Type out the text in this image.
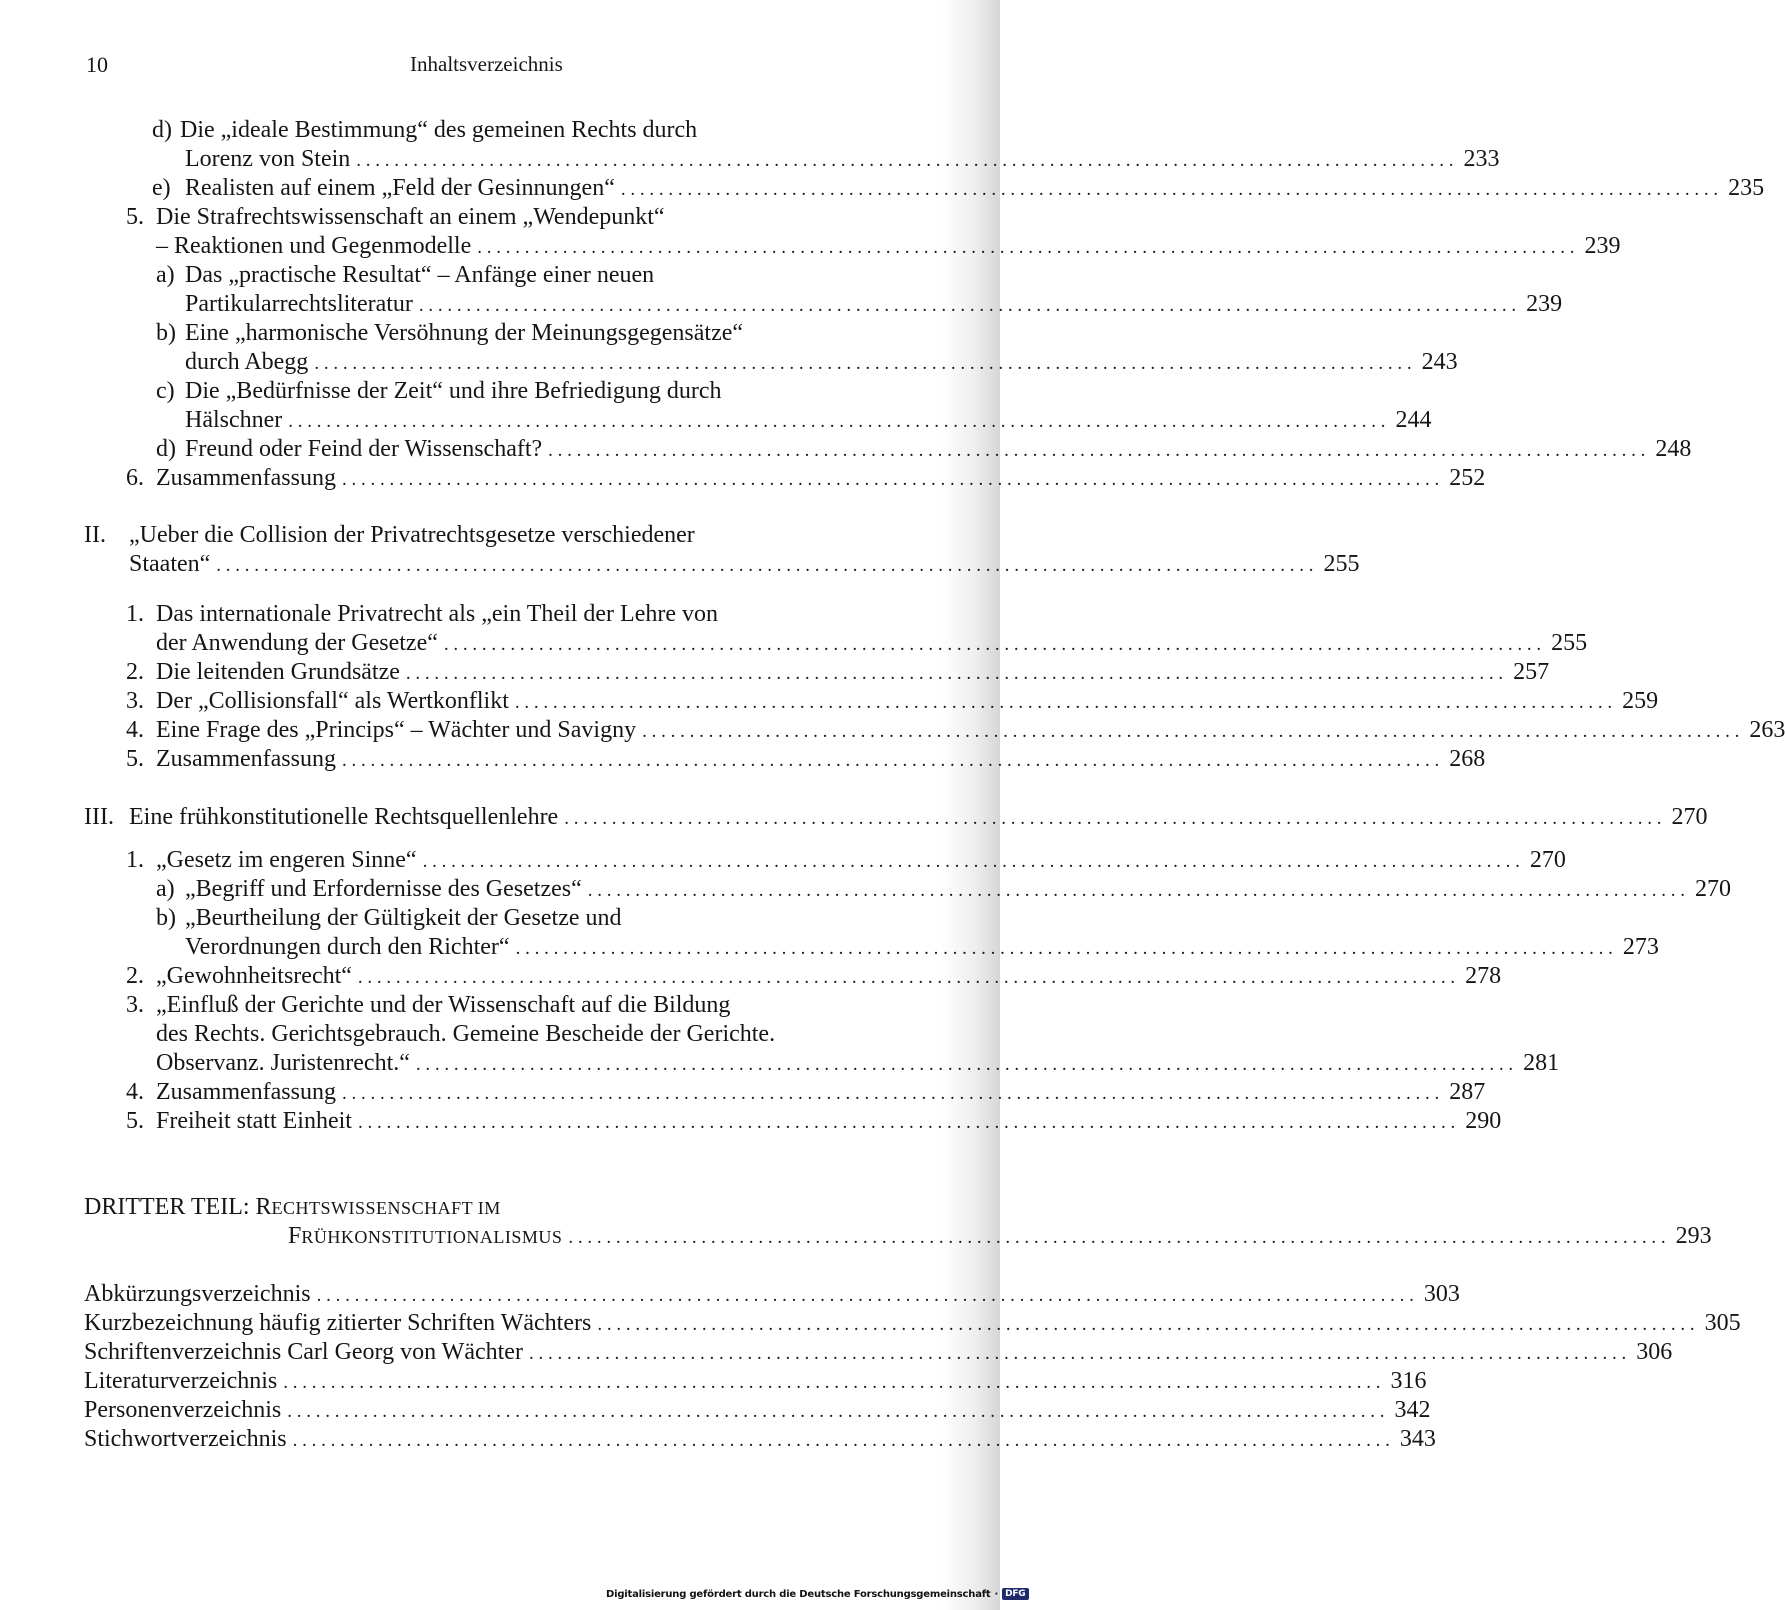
10	Inhaltsverzeichnis
d) Die „ideale Bestimmung“ des gemeinen Rechts durch
Lorenz von Stein . . .	233
e) Realisten auf einem „Feld der Gesinnungen“ . . .	235
5. Die Strafrechtswissenschaft an einem „Wendepunkt“
– Reaktionen und Gegenmodelle . . .	239
a) Das „practische Resultat“ – Anfänge einer neuen
Partikularrechtsliteratur . . .	239
b) Eine „harmonische Versöhnung der Meinungsgegensätze“
durch Abegg . . .	243
c) Die „Bedürfnisse der Zeit“ und ihre Befriedigung durch
Hälschner . . .	244
d) Freund oder Feind der Wissenschaft? . . .	248
6. Zusammenfassung . . .	252
II. „Ueber die Collision der Privatrechtsgesetze verschiedener
Staaten“ . . .	255
1. Das internationale Privatrecht als „ein Theil der Lehre von
der Anwendung der Gesetze“ . . .	255
2. Die leitenden Grundsätze . . .	257
3. Der „Collisionsfall“ als Wertkonflikt . . .	259
4. Eine Frage des „Princips“ – Wächter und Savigny . . .	263
5. Zusammenfassung . . .	268
III. Eine frühkonstitutionelle Rechtsquellenlehre . . .	270
1. „Gesetz im engeren Sinne“ . . .	270
a) „Begriff und Erfordernisse des Gesetzes“ . . .	270
b) „Beurtheilung der Gültigkeit der Gesetze und
Verordnungen durch den Richter“ . . .	273
2. „Gewohnheitsrecht“ . . .	278
3. „Einfluß der Gerichte und der Wissenschaft auf die Bildung
des Rechts. Gerichtsgebrauch. Gemeine Bescheide der Gerichte.
Observanz. Juristenrecht.“ . . .	281
4. Zusammenfassung . . .	287
5. Freiheit statt Einheit . . .	290
DRITTER TEIL: RECHTSWISSENSCHAFT IM
FRÜHKONSTITUTIONALISMUS . . .	293
Abkürzungsverzeichnis . . .	303
Kurzbezeichnung häufig zitierter Schriften Wächters . . .	305
Schriftenverzeichnis Carl Georg von Wächter . . .	306
Literaturverzeichnis . . .	316
Personenverzeichnis . . .	342
Stichwortverzeichnis . . .	343
Digitalisierung gefördert durch die Deutsche Forschungsgemeinschaft · DFG
